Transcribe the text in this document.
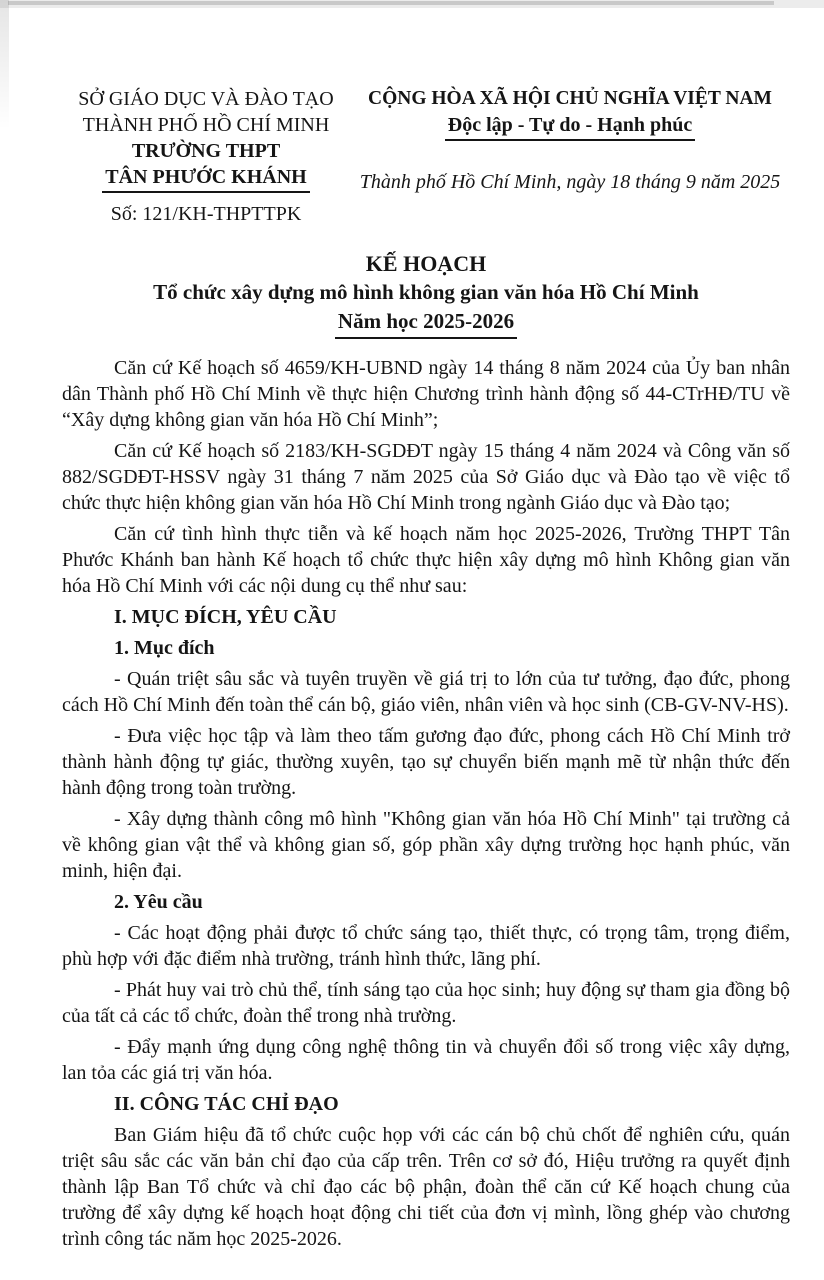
SỞ GIÁO DỤC VÀ ĐÀO TẠO
THÀNH PHỐ HỒ CHÍ MINH
TRƯỜNG THPT
TÂN PHƯỚC KHÁNH
Số: 121/KH-THPTTPK
CỘNG HÒA XÃ HỘI CHỦ NGHĨA VIỆT NAM
Độc lập - Tự do - Hạnh phúc
Thành phố Hồ Chí Minh, ngày 18 tháng 9 năm 2025
KẾ HOẠCH
Tổ chức xây dựng mô hình không gian văn hóa Hồ Chí Minh
Năm học 2025-2026

Căn cứ Kế hoạch số 4659/KH-UBND ngày 14 tháng 8 năm 2024 của Ủy ban nhân dân Thành phố Hồ Chí Minh về thực hiện Chương trình hành động số 44-CTrHĐ/TU về “Xây dựng không gian văn hóa Hồ Chí Minh”;

Căn cứ Kế hoạch số 2183/KH-SGDĐT ngày 15 tháng 4 năm 2024 và Công văn số 882/SGDĐT-HSSV ngày 31 tháng 7 năm 2025 của Sở Giáo dục và Đào tạo về việc tổ chức thực hiện không gian văn hóa Hồ Chí Minh trong ngành Giáo dục và Đào tạo;

Căn cứ tình hình thực tiễn và kế hoạch năm học 2025-2026, Trường THPT Tân Phước Khánh ban hành Kế hoạch tổ chức thực hiện xây dựng mô hình Không gian văn hóa Hồ Chí Minh với các nội dung cụ thể như sau:

I. MỤC ĐÍCH, YÊU CẦU

1. Mục đích

- Quán triệt sâu sắc và tuyên truyền về giá trị to lớn của tư tưởng, đạo đức, phong cách Hồ Chí Minh đến toàn thể cán bộ, giáo viên, nhân viên và học sinh (CB-GV-NV-HS).

- Đưa việc học tập và làm theo tấm gương đạo đức, phong cách Hồ Chí Minh trở thành hành động tự giác, thường xuyên, tạo sự chuyển biến mạnh mẽ từ nhận thức đến hành động trong toàn trường.

- Xây dựng thành công mô hình "Không gian văn hóa Hồ Chí Minh" tại trường cả về không gian vật thể và không gian số, góp phần xây dựng trường học hạnh phúc, văn minh, hiện đại.

2. Yêu cầu

- Các hoạt động phải được tổ chức sáng tạo, thiết thực, có trọng tâm, trọng điểm, phù hợp với đặc điểm nhà trường, tránh hình thức, lãng phí.

- Phát huy vai trò chủ thể, tính sáng tạo của học sinh; huy động sự tham gia đồng bộ của tất cả các tổ chức, đoàn thể trong nhà trường.

- Đẩy mạnh ứng dụng công nghệ thông tin và chuyển đổi số trong việc xây dựng, lan tỏa các giá trị văn hóa.

II. CÔNG TÁC CHỈ ĐẠO

Ban Giám hiệu đã tổ chức cuộc họp với các cán bộ chủ chốt để nghiên cứu, quán triệt sâu sắc các văn bản chỉ đạo của cấp trên. Trên cơ sở đó, Hiệu trưởng ra quyết định thành lập Ban Tổ chức và chỉ đạo các bộ phận, đoàn thể căn cứ Kế hoạch chung của trường để xây dựng kế hoạch hoạt động chi tiết của đơn vị mình, lồng ghép vào chương trình công tác năm học 2025-2026.
